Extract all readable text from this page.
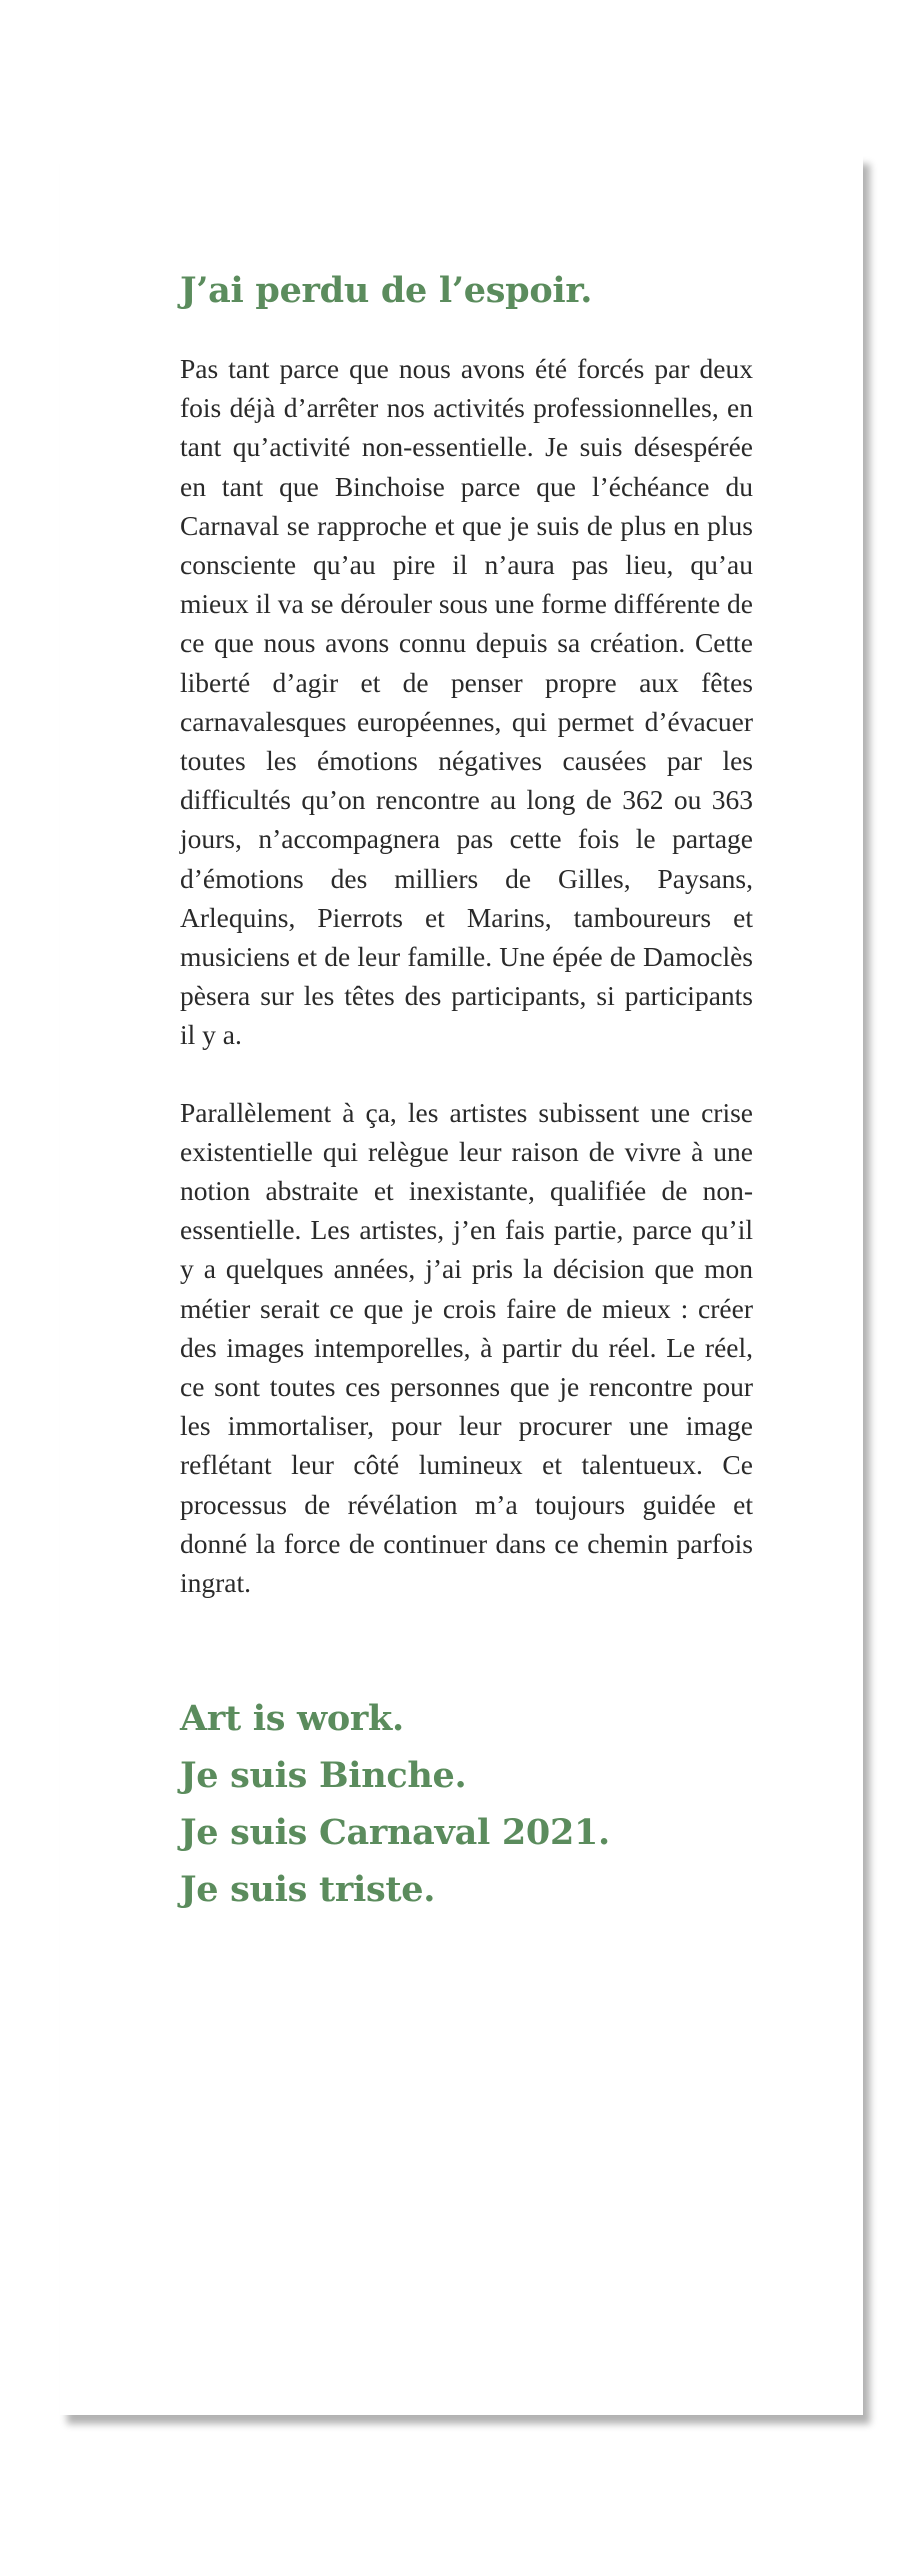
J’ai perdu de l’espoir.

Pas tant parce que nous avons été forcés par deux fois déjà d’arrêter nos activités professionnelles, en tant qu’activité non-essentielle. Je suis désespérée en tant que Binchoise parce que l’échéance du Carnaval se rapproche et que je suis de plus en plus consciente qu’au pire il n’aura pas lieu, qu’au mieux il va se dérouler sous une forme différente de ce que nous avons connu depuis sa création. Cette liberté d’agir et de penser propre aux fêtes carnavalesques européennes, qui permet d’évacuer toutes les émotions négatives causées par les difficultés qu’on rencontre au long de 362 ou 363 jours, n’accompagnera pas cette fois le partage d’émotions des milliers de Gilles, Paysans, Arlequins, Pierrots et Marins, tamboureurs et musiciens et de leur famille. Une épée de Damoclès pèsera sur les têtes des participants, si participants il y a.

Parallèlement à ça, les artistes subissent une crise existentielle qui relègue leur raison de vivre à une notion abstraite et inexistante, qualifiée de non-essentielle. Les artistes, j’en fais partie, parce qu’il y a quelques années, j’ai pris la décision que mon métier serait ce que je crois faire de mieux : créer des images intemporelles, à partir du réel. Le réel, ce sont toutes ces personnes que je rencontre pour les immortaliser, pour leur procurer une image reflétant leur côté lumineux et talentueux. Ce processus de révélation m’a toujours guidée et donné la force de continuer dans ce chemin parfois ingrat.

Art is work.
Je suis Binche.
Je suis Carnaval 2021.
Je suis triste.
